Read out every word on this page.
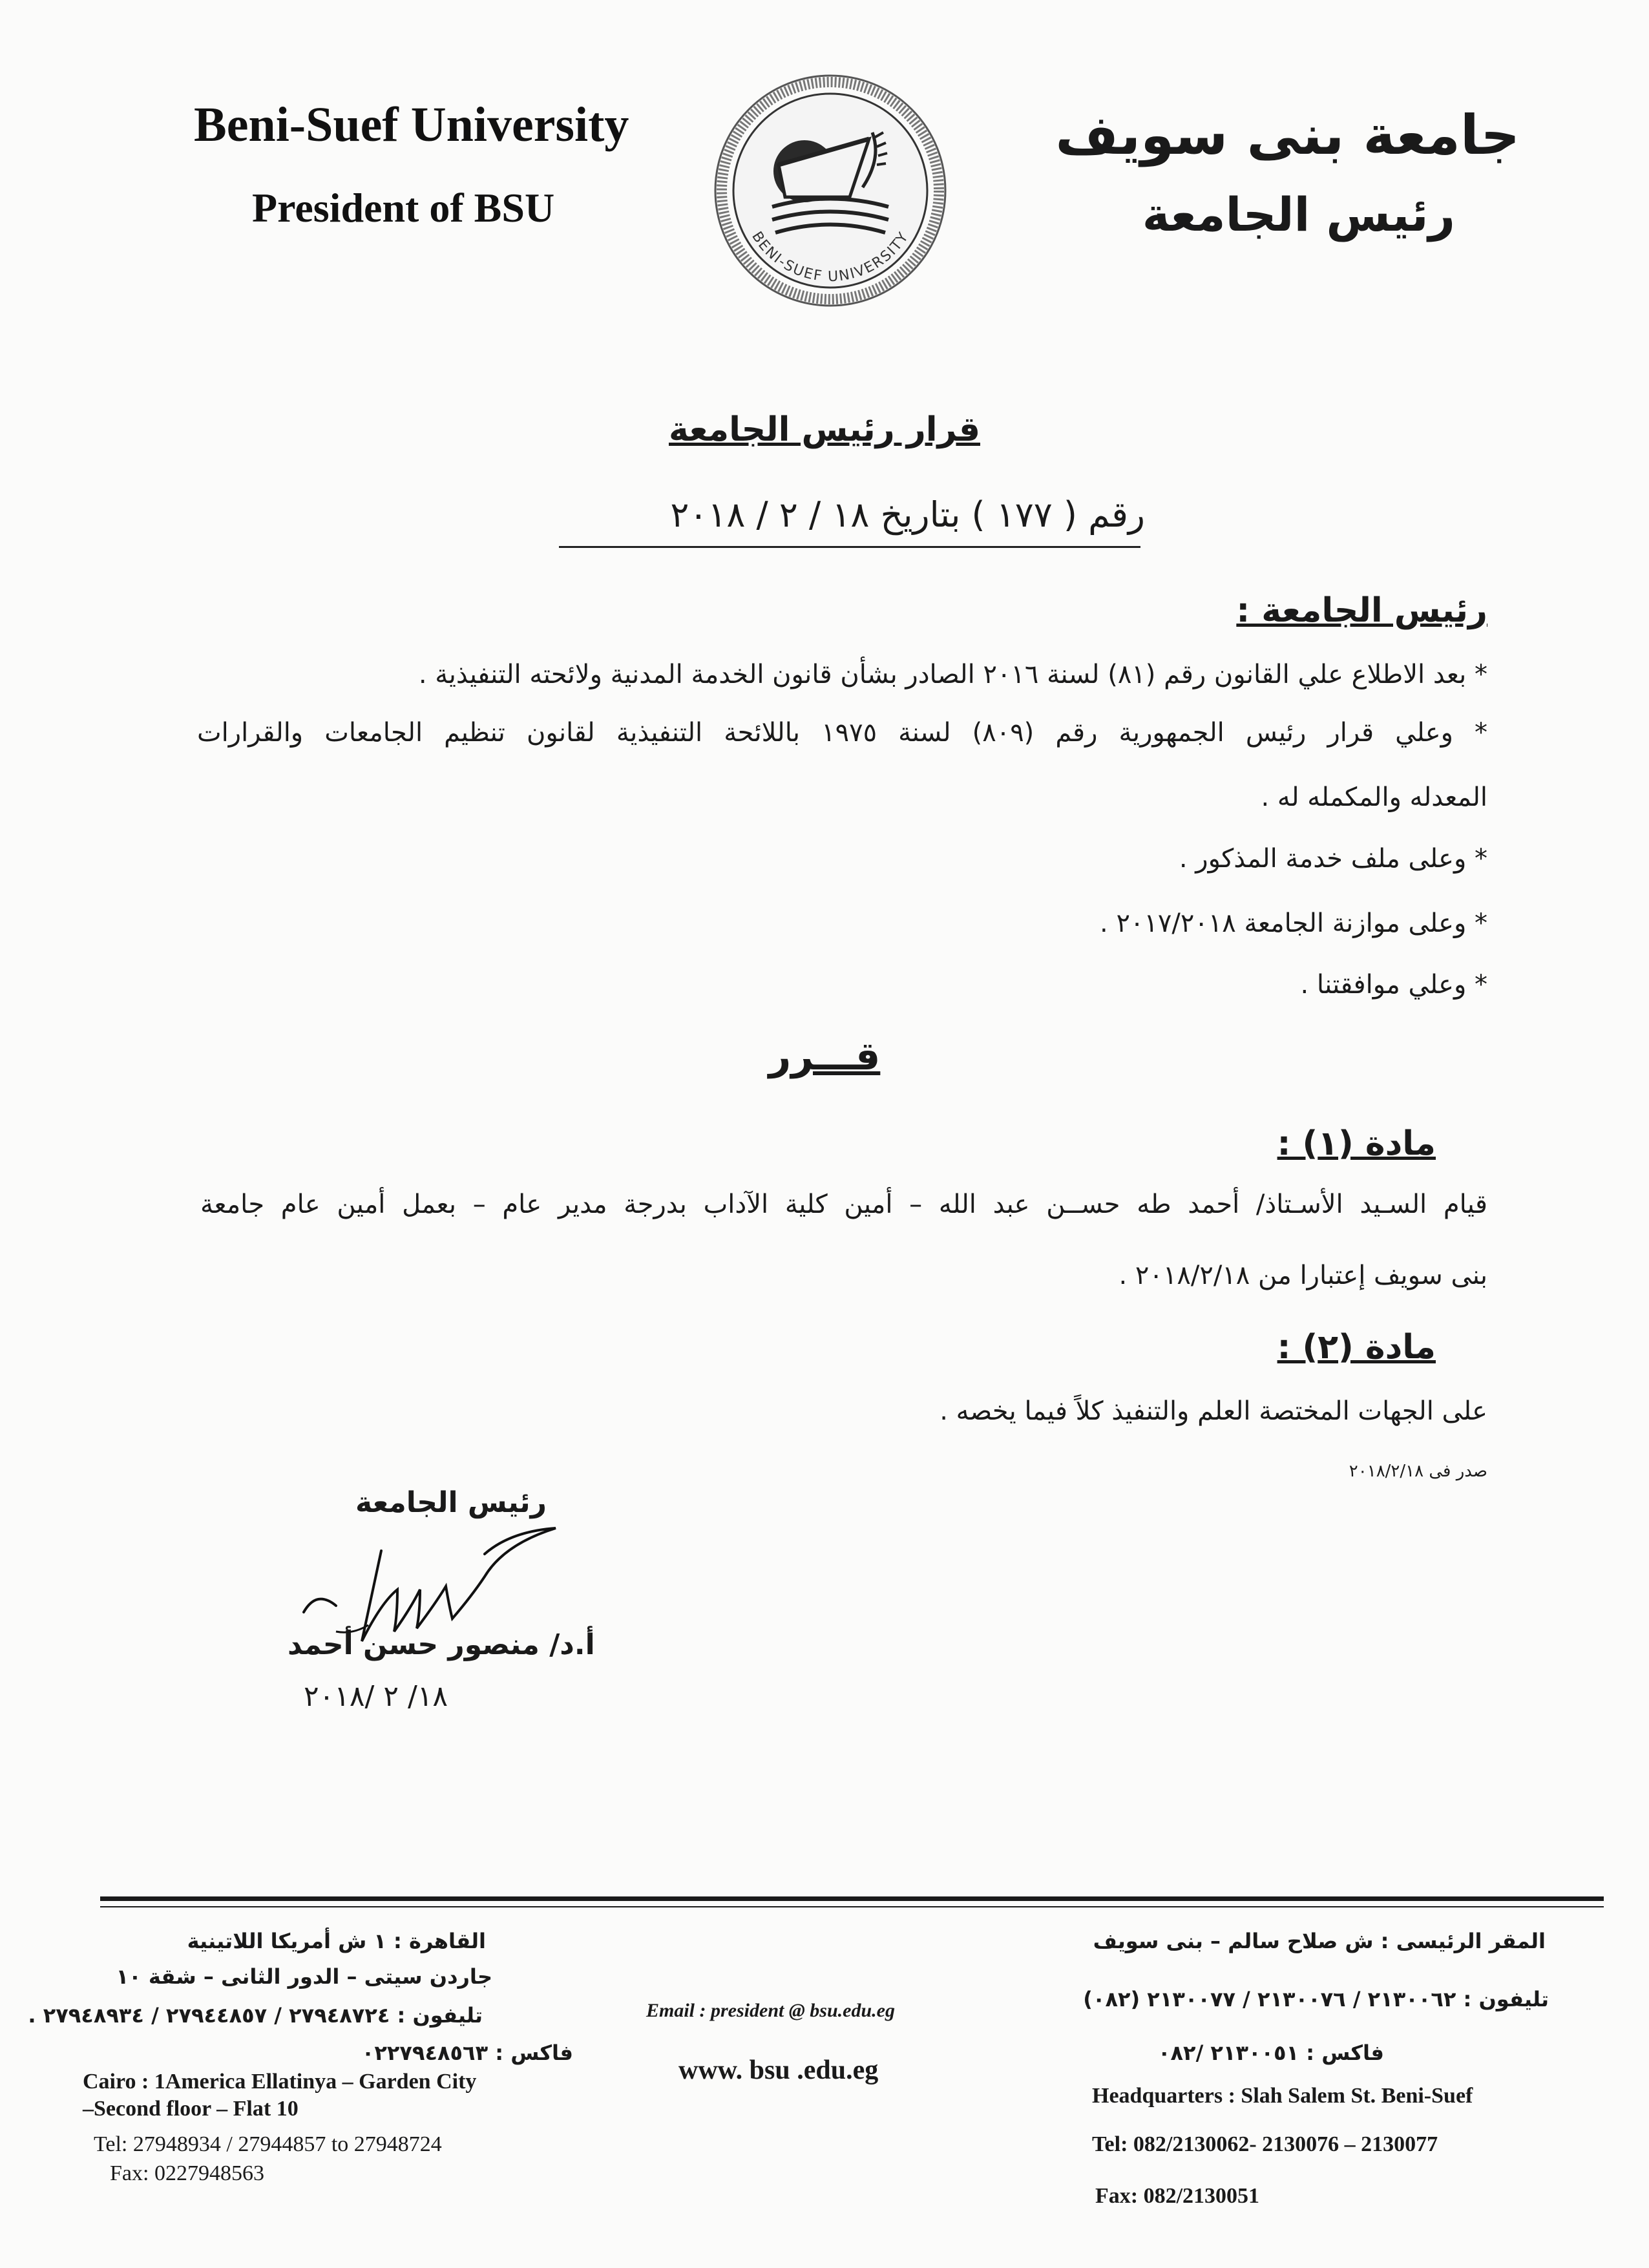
Beni-Suef University
President of BSU
جامعة بنى سويف
رئيس الجامعة
BENI-SUEF UNIVERSITY
قرار رئيس الجامعة
رقم ( ١٧٧ ) بتاريخ ١٨ / ٢ / ٢٠١٨
رئيس الجامعة :
* بعد الاطلاع علي القانون رقم (٨١) لسنة ٢٠١٦ الصادر بشأن قانون الخدمة المدنية ولائحته التنفيذية .
* وعلي قرار رئيس الجمهورية رقم (٨٠٩) لسنة ١٩٧٥ باللائحة التنفيذية لقانون تنظيم الجامعات والقرارات
المعدله والمكمله له .
* وعلى ملف خدمة المذكور .
* وعلى موازنة الجامعة ٢٠١٧/٢٠١٨ .
* وعلي موافقتنا .
قـــرر
مادة (١) :
قيام السـيد الأسـتاذ/ أحمد طه حســن عبد الله – أمين كلية الآداب بدرجة مدير عام – بعمل أمين عام جامعة
بنى سويف إعتبارا من ٢٠١٨/٢/١٨ .
مادة (٢) :
على الجهات المختصة العلم والتنفيذ كلاً فيما يخصه .
صدر فى ٢٠١٨/٢/١٨
رئيس الجامعة
أ.د/ منصور حسن أحمد
١٨/ ٢ /٢٠١٨
القاهرة : ١ ش أمريكا اللاتينية
جاردن سيتى – الدور الثانى – شقة ١٠
تليفون : ٢٧٩٤٨٧٢٤ / ٢٧٩٤٤٨٥٧ / ٢٧٩٤٨٩٣٤ .
فاكس : ٠٢٢٧٩٤٨٥٦٣
Cairo : 1America Ellatinya – Garden City
–Second floor – Flat 10
Tel: 27948934 / 27944857 to 27948724
Fax: 0227948563
Email : president @ bsu.edu.eg
www. bsu .edu.eg
المقر الرئيسى : ش صلاح سالم – بنى سويف
تليفون : ٢١٣٠٠٦٢ / ٢١٣٠٠٧٦ / ٢١٣٠٠٧٧ (٠٨٢)
فاكس : ٢١٣٠٠٥١ /٠٨٢
Headquarters : Slah Salem St. Beni-Suef
Tel: 082/2130062- 2130076 – 2130077
Fax: 082/2130051
